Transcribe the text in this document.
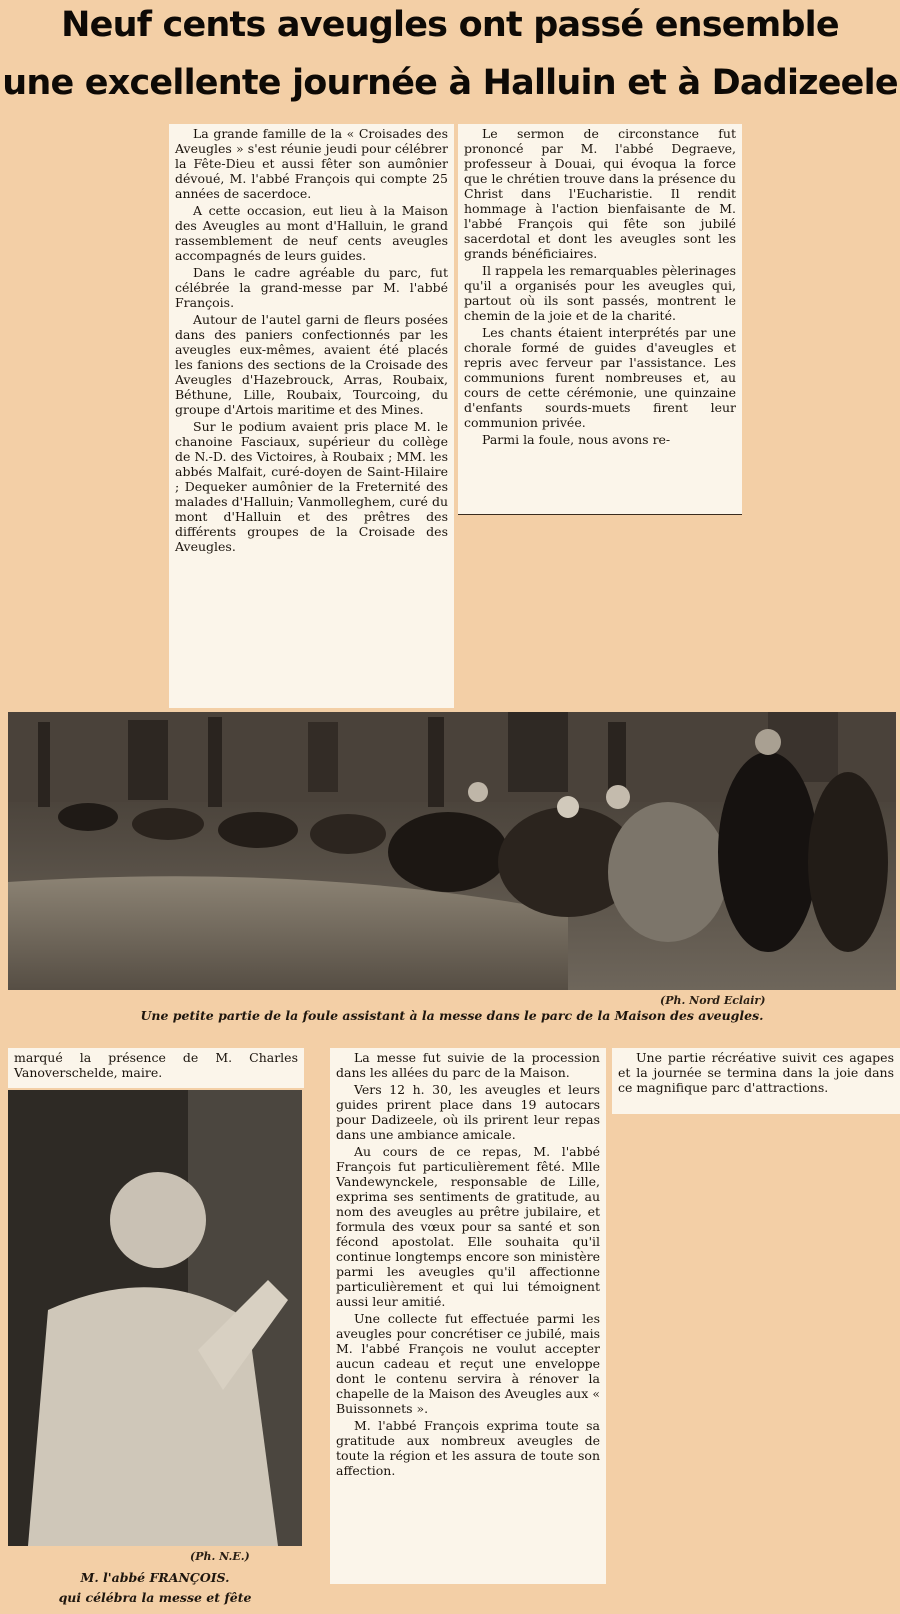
Neuf cents aveugles ont passé ensemble
une excellente journée à Halluin et à Dadizeele

La grande famille de la « Croisades des Aveugles » s'est réunie jeudi pour célébrer la Fête-Dieu et aussi fêter son aumônier dévoué, M. l'abbé François qui compte 25 années de sacerdoce.

A cette occasion, eut lieu à la Maison des Aveugles au mont d'Halluin, le grand rassemblement de neuf cents aveugles accompagnés de leurs guides.

Dans le cadre agréable du parc, fut célébrée la grand-messe par M. l'abbé François.

Autour de l'autel garni de fleurs posées dans des paniers confectionnés par les aveugles eux-mêmes, avaient été placés les fanions des sections de la Croisade des Aveugles d'Hazebrouck, Arras, Roubaix, Béthune, Lille, Roubaix, Tourcoing, du groupe d'Artois maritime et des Mines.

Sur le podium avaient pris place M. le chanoine Fasciaux, supérieur du collège de N.-D. des Victoires, à Roubaix ; MM. les abbés Malfait, curé-doyen de Saint-Hilaire ; Dequeker aumônier de la Freternité des malades d'Halluin; Vanmolleghem, curé du mont d'Halluin et des prêtres des différents groupes de la Croisade des Aveugles.

Le sermon de circonstance fut prononcé par M. l'abbé Degraeve, professeur à Douai, qui évoqua la force que le chrétien trouve dans la présence du Christ dans l'Eucharistie. Il rendit hommage à l'action bienfaisante de M. l'abbé François qui fête son jubilé sacerdotal et dont les aveugles sont les grands bénéficiaires.

Il rappela les remarquables pèlerinages qu'il a organisés pour les aveugles qui, partout où ils sont passés, montrent le chemin de la joie et de la charité.

Les chants étaient interprétés par une chorale formé de guides d'aveugles et repris avec ferveur par l'assistance. Les communions furent nombreuses et, au cours de cette cérémonie, une quinzaine d'enfants sourds-muets firent leur communion privée.

Parmi la foule, nous avons re-

(Ph. Nord Eclair)
Une petite partie de la foule assistant à la messe dans le parc de la Maison des aveugles.

marqué la présence de M. Charles Vanoverschelde, maire.

(Ph. N.E.)
M. l'abbé FRANÇOIS.
qui célébra la messe et fête

La messe fut suivie de la procession dans les allées du parc de la Maison.

Vers 12 h. 30, les aveugles et leurs guides prirent place dans 19 autocars pour Dadizeele, où ils prirent leur repas dans une ambiance amicale.

Au cours de ce repas, M. l'abbé François fut particulièrement fêté. Mlle Vandewynckele, responsable de Lille, exprima ses sentiments de gratitude, au nom des aveugles au prêtre jubilaire, et formula des vœux pour sa santé et son fécond apostolat. Elle souhaita qu'il continue longtemps encore son ministère parmi les aveugles qu'il affectionne particulièrement et qui lui témoignent aussi leur amitié.

Une collecte fut effectuée parmi les aveugles pour concrétiser ce jubilé, mais M. l'abbé François ne voulut accepter aucun cadeau et reçut une enveloppe dont le contenu servira à rénover la chapelle de la Maison des Aveugles aux « Buissonnets ».

M. l'abbé François exprima toute sa gratitude aux nombreux aveugles de toute la région et les assura de toute son affection.

Une partie récréative suivit ces agapes et la journée se termina dans la joie dans ce magnifique parc d'attractions.
